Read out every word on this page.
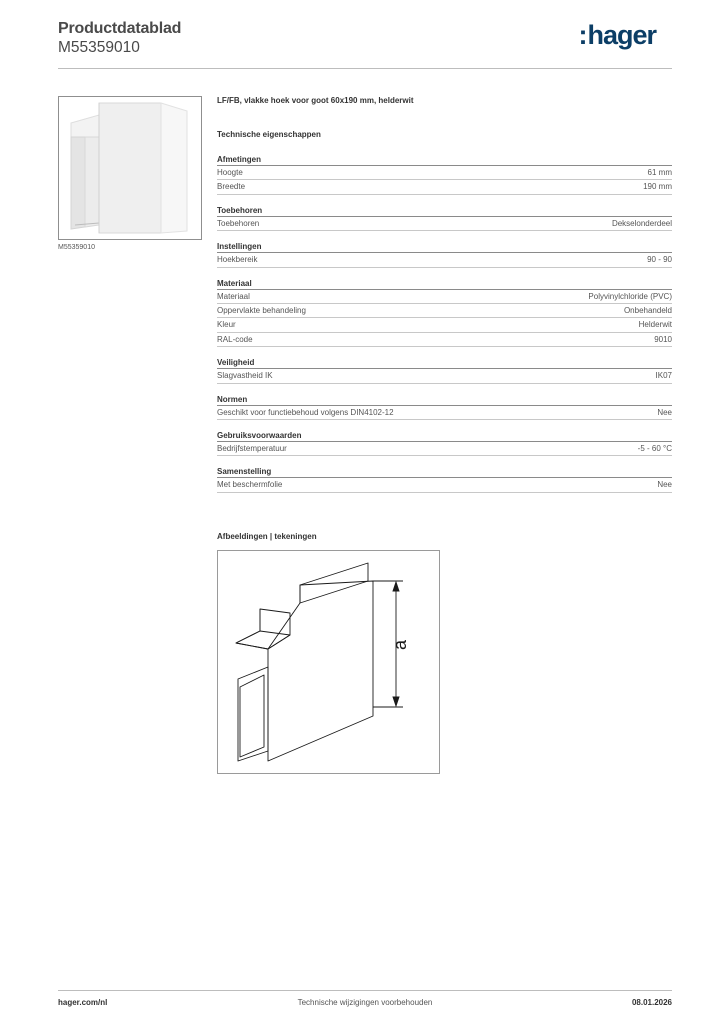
Productdatablad
M55359010	:hager
M55359010
LF/FB, vlakke hoek voor goot 60x190 mm, helderwit
Technische eigenschappen
Afmetingen
Hoogte	61 mm
Breedte	190 mm
Toebehoren
Toebehoren	Dekselonderdeel
Instellingen
Hoekbereik	90 - 90
Materiaal
Materiaal	Polyvinylchloride (PVC)
Oppervlakte behandeling	Onbehandeld
Kleur	Helderwit
RAL-code	9010
Veiligheid
Slagvastheid IK	IK07
Normen
Geschikt voor functiebehoud volgens DIN4102-12	Nee
Gebruiksvoorwaarden
Bedrijfstemperatuur	-5 - 60 °C
Samenstelling
Met beschermfolie	Nee
Afbeeldingen | tekeningen
a
hager.com/nl	Technische wijzigingen voorbehouden	08.01.2026
